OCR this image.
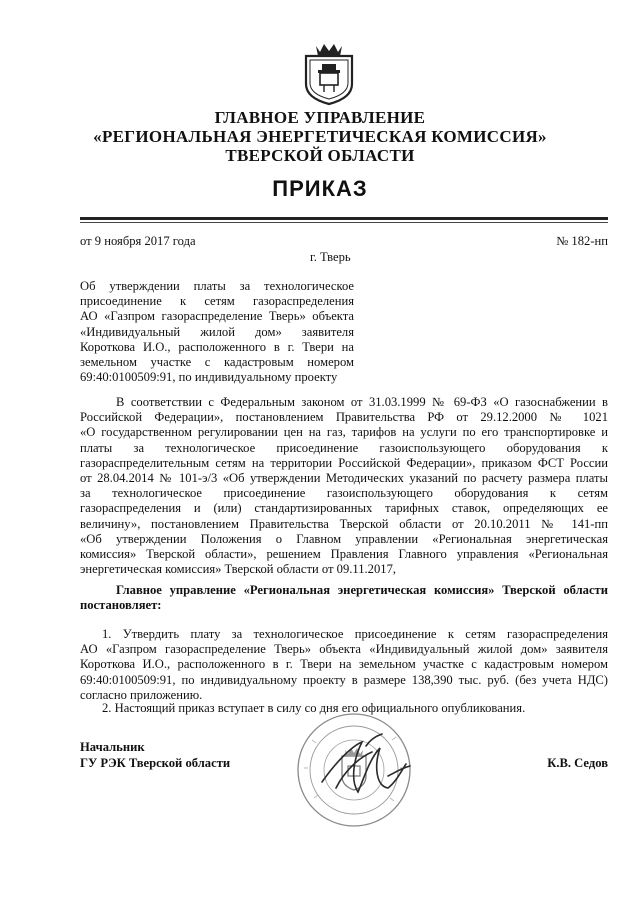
ГЛАВНОЕ УПРАВЛЕНИЕ
«РЕГИОНАЛЬНАЯ ЭНЕРГЕТИЧЕСКАЯ КОМИССИЯ»
ТВЕРСКОЙ ОБЛАСТИ
ПРИКАЗ
от 9 ноября 2017 года	№ 182-нп
г. Тверь
Об утверждении платы за технологическое
присоединение к сетям газораспределения
АО «Газпром газораспределение Тверь» объекта
«Индивидуальный жилой дом» заявителя
Короткова И.О., расположенного в г. Твери на
земельном участке с кадастровым номером
69:40:0100509:91, по индивидуальному проекту
В соответствии с Федеральным законом от 31.03.1999 № 69-ФЗ «О газоснабжении в
Российской Федерации», постановлением Правительства РФ от 29.12.2000 № 1021
«О государственном регулировании цен на газ, тарифов на услуги по его транспортировке и
платы за технологическое присоединение газоиспользующего оборудования к
газораспределительным сетям на территории Российской Федерации», приказом ФСТ России
от 28.04.2014 № 101-э/3 «Об утверждении Методических указаний по расчету размера платы
за технологическое присоединение газоиспользующего оборудования к сетям
газораспределения и (или) стандартизированных тарифных ставок, определяющих ее
величину», постановлением Правительства Тверской области от 20.10.2011 № 141-пп
«Об утверждении Положения о Главном управлении «Региональная энергетическая
комиссия» Тверской области», решением Правления Главного управления «Региональная
энергетическая комиссия» Тверской области от 09.11.2017,
Главное управление «Региональная энергетическая комиссия» Тверской области
постановляет:
1. Утвердить плату за технологическое присоединение к сетям газораспределения
АО «Газпром газораспределение Тверь» объекта «Индивидуальный жилой дом» заявителя
Короткова И.О., расположенного в г. Твери на земельном участке с кадастровым номером
69:40:0100509:91, по индивидуальному проекту в размере 138,390 тыс. руб. (без учета НДС)
согласно приложению.
2. Настоящий приказ вступает в силу со дня его официального опубликования.
Начальник
ГУ РЭК Тверской области	К.В. Седов
